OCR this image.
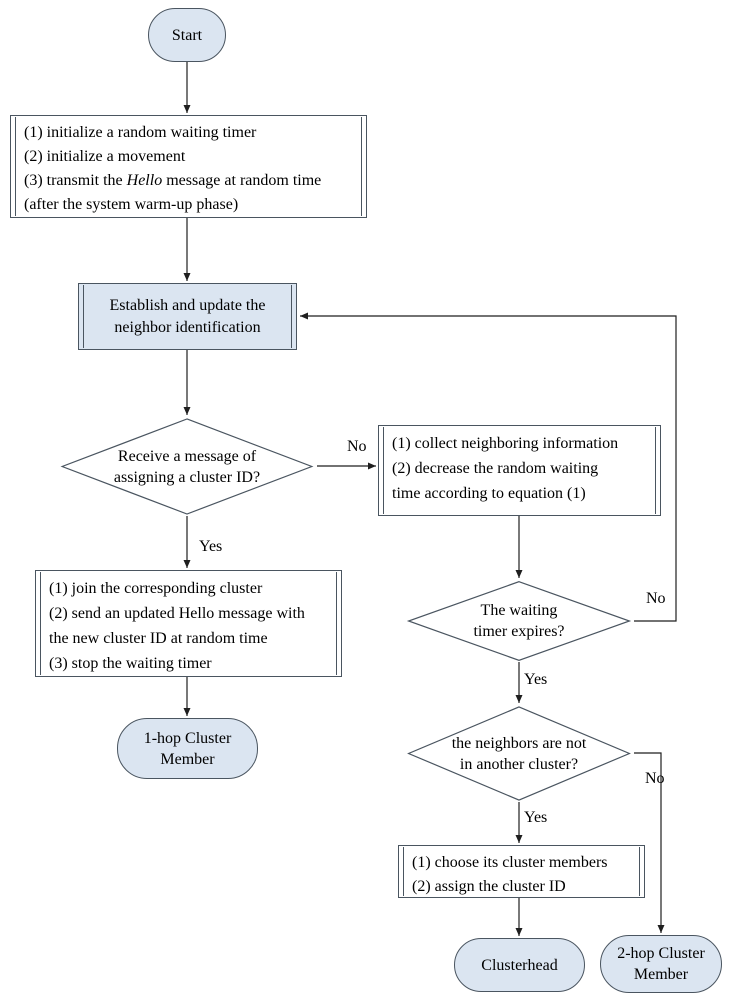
Start
(1) initialize a random waiting timer
(2) initialize a movement
(3) transmit the Hello message at random time
(after the system warm-up phase)
Establish and update the
neighbor identification
Receive a message of
assigning a cluster ID?
(1) collect neighboring information
(2) decrease the random waiting
time according to equation (1)
(1) join the corresponding cluster
(2) send an updated Hello message with
the new cluster ID at random time
(3) stop the waiting timer
The waiting
timer expires?
the neighbors are not
in another cluster?
(1) choose its cluster members
(2) assign the cluster ID
1-hop Cluster
Member
Clusterhead
2-hop Cluster
Member
No
Yes
No
Yes
No
Yes
